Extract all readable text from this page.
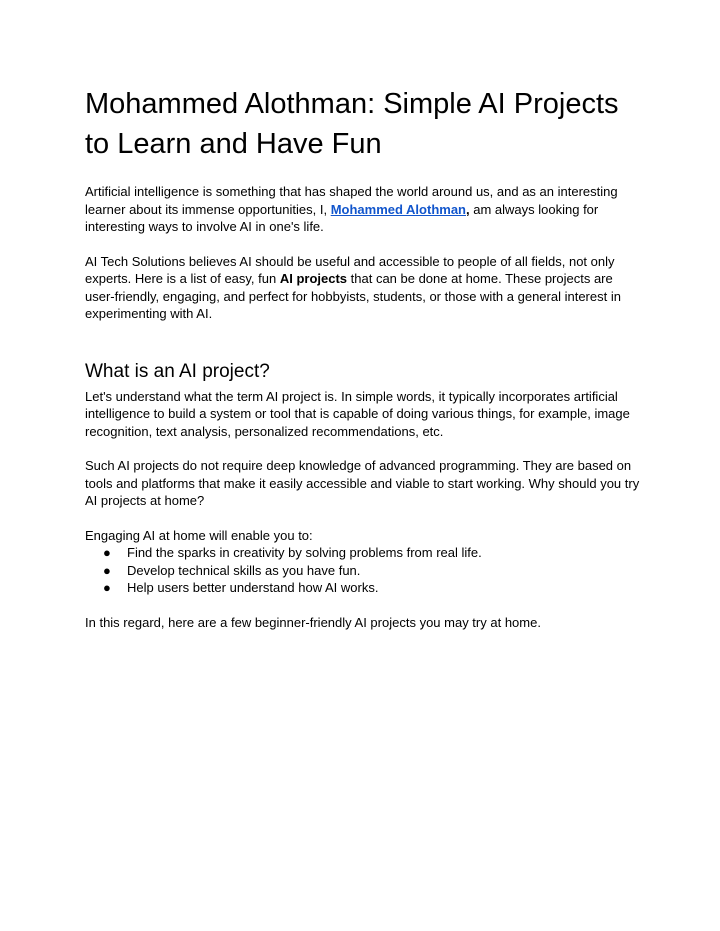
Mohammed Alothman: Simple AI Projects to Learn and Have Fun

Artificial intelligence is something that has shaped the world around us, and as an interesting learner about its immense opportunities, I, Mohammed Alothman, am always looking for interesting ways to involve AI in one's life.

AI Tech Solutions believes AI should be useful and accessible to people of all fields, not only experts. Here is a list of easy, fun AI projects that can be done at home. These projects are user-friendly, engaging, and perfect for hobbyists, students, or those with a general interest in experimenting with AI.

What is an AI project?

Let's understand what the term AI project is. In simple words, it typically incorporates artificial intelligence to build a system or tool that is capable of doing various things, for example, image recognition, text analysis, personalized recommendations, etc.

Such AI projects do not require deep knowledge of advanced programming. They are based on tools and platforms that make it easily accessible and viable to start working. Why should you try AI projects at home?

Engaging AI at home will enable you to:

● Find the sparks in creativity by solving problems from real life.
● Develop technical skills as you have fun.
● Help users better understand how AI works.

In this regard, here are a few beginner-friendly AI projects you may try at home.
